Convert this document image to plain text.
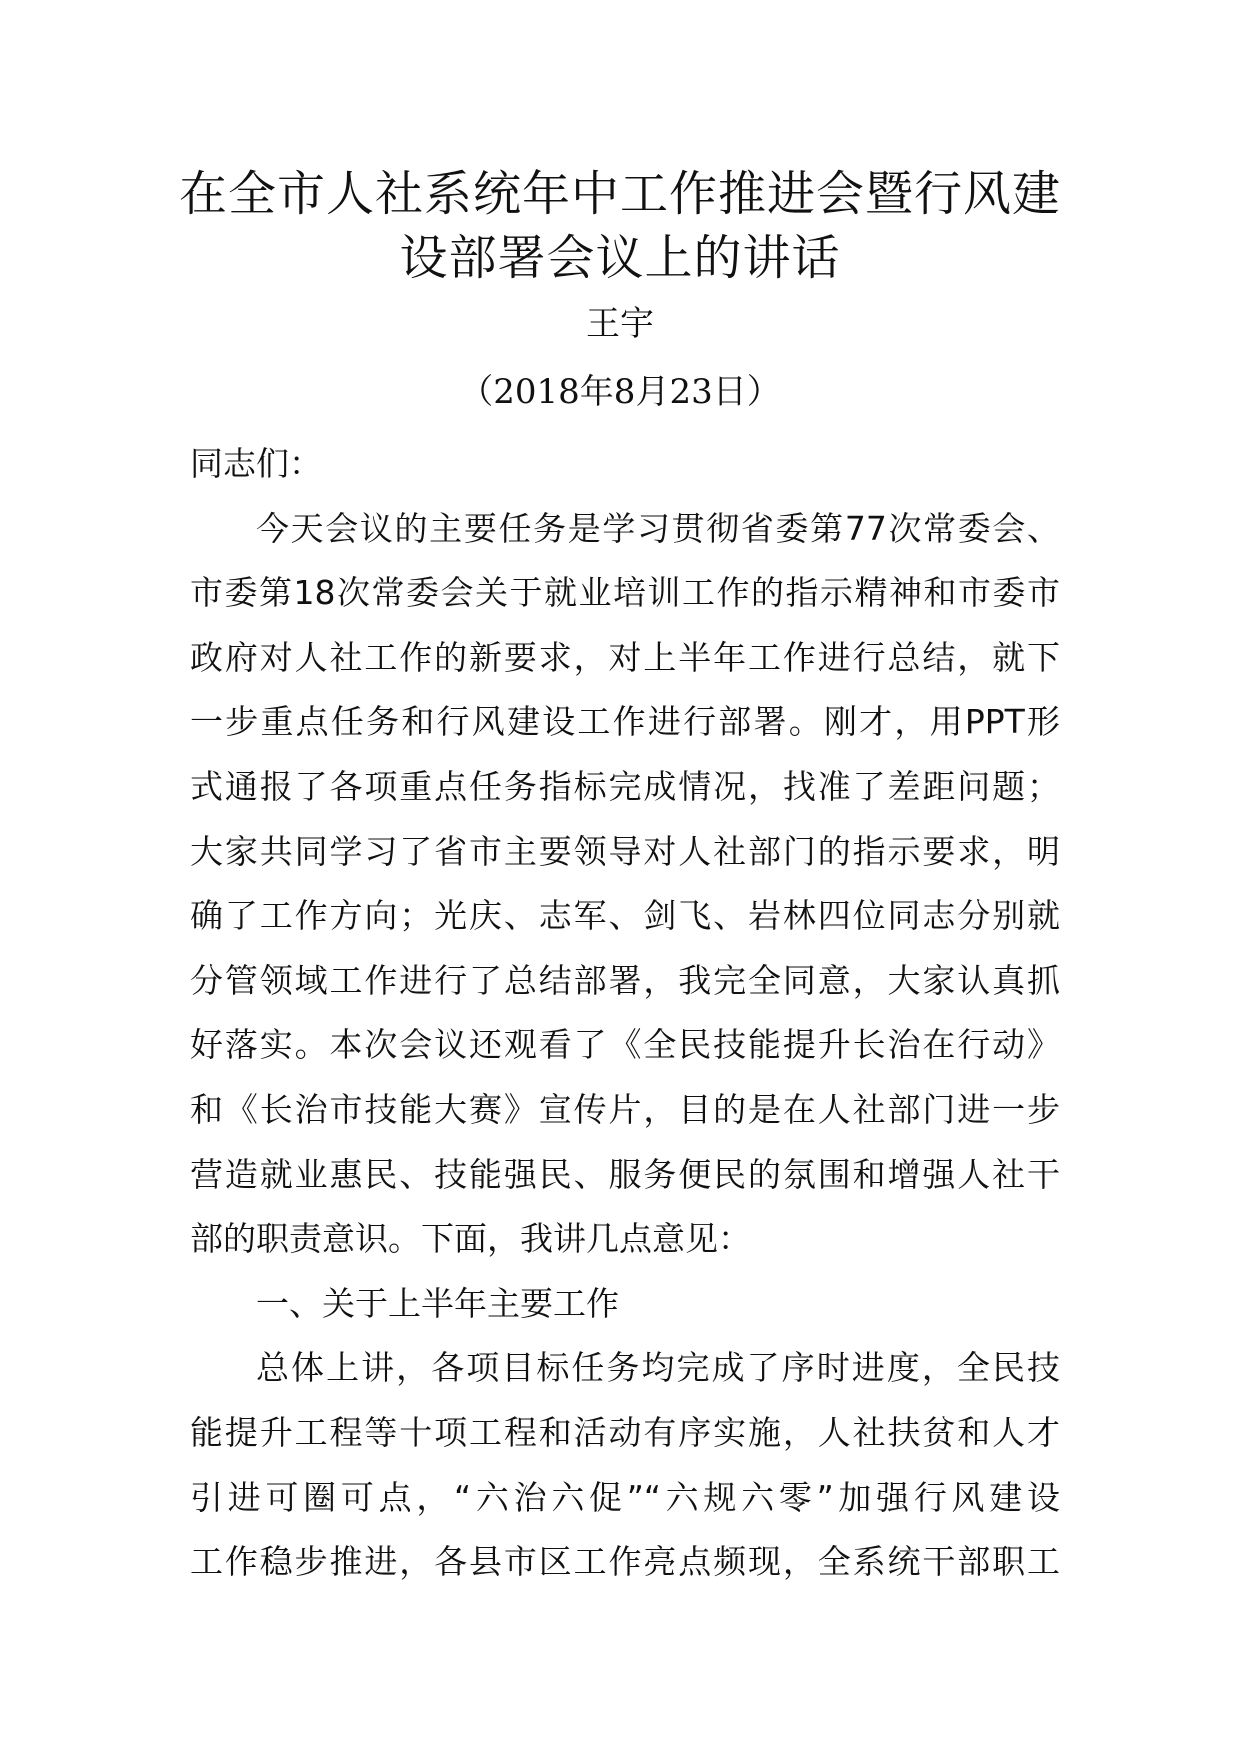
在全市人社系统年中工作推进会暨行风建
设部署会议上的讲话
王宇
（2018年8月23日）
同志们：
今天会议的主要任务是学习贯彻省委第77次常委会、
市委第18次常委会关于就业培训工作的指示精神和市委市
政府对人社工作的新要求，对上半年工作进行总结，就下
一步重点任务和行风建设工作进行部署。刚才，用PPT形
式通报了各项重点任务指标完成情况，找准了差距问题；
大家共同学习了省市主要领导对人社部门的指示要求，明
确了工作方向；光庆、志军、剑飞、岩林四位同志分别就
分管领域工作进行了总结部署，我完全同意，大家认真抓
好落实。本次会议还观看了《全民技能提升长治在行动》
和《长治市技能大赛》宣传片，目的是在人社部门进一步
营造就业惠民、技能强民、服务便民的氛围和增强人社干
部的职责意识。下面，我讲几点意见：
一、关于上半年主要工作
总体上讲，各项目标任务均完成了序时进度，全民技
能提升工程等十项工程和活动有序实施，人社扶贫和人才
引进可圈可点，“六治六促”“六规六零”加强行风建设
工作稳步推进，各县市区工作亮点频现，全系统干部职工
